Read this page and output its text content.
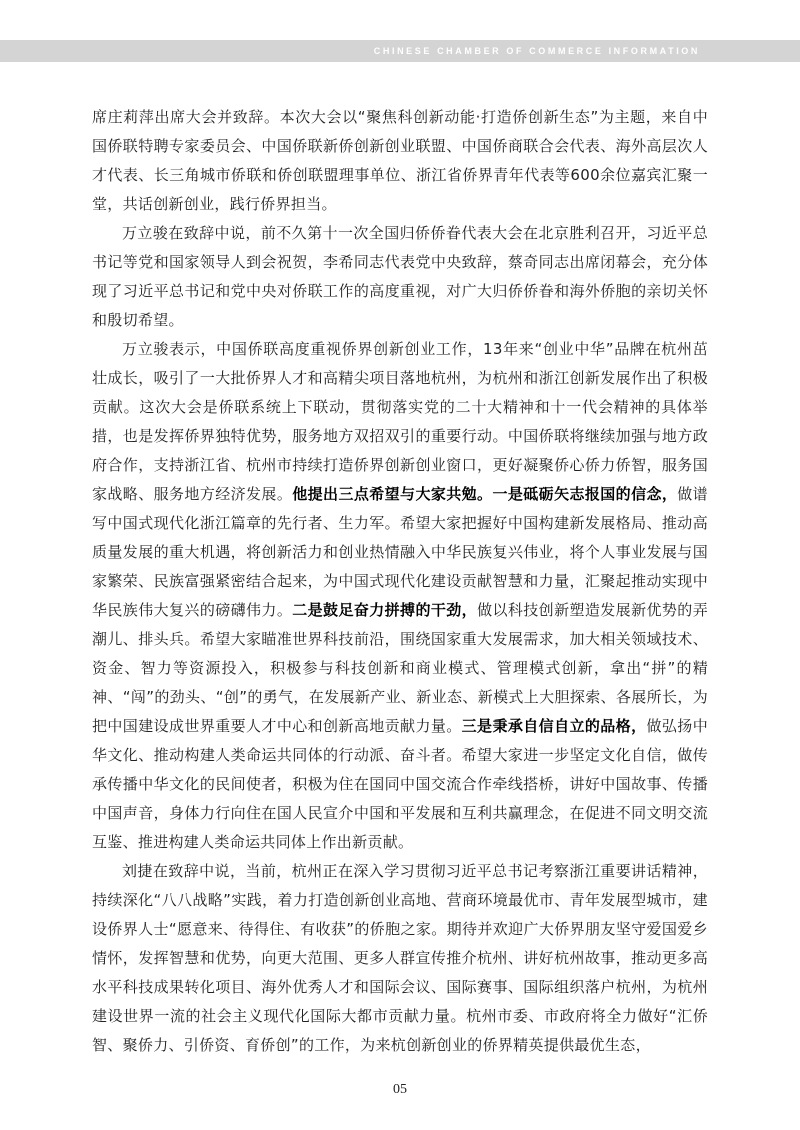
CHINESE CHAMBER OF COMMERCE INFORMATION

席庄莉萍出席大会并致辞。本次大会以“聚焦科创新动能·打造侨创新生态”为主题，来自中国侨联特聘专家委员会、中国侨联新侨创新创业联盟、中国侨商联合会代表、海外高层次人才代表、长三角城市侨联和侨创联盟理事单位、浙江省侨界青年代表等600余位嘉宾汇聚一堂，共话创新创业，践行侨界担当。

万立骏在致辞中说，前不久第十一次全国归侨侨眷代表大会在北京胜利召开，习近平总书记等党和国家领导人到会祝贺，李希同志代表党中央致辞，蔡奇同志出席闭幕会，充分体现了习近平总书记和党中央对侨联工作的高度重视，对广大归侨侨眷和海外侨胞的亲切关怀和殷切希望。

万立骏表示，中国侨联高度重视侨界创新创业工作，13年来“创业中华”品牌在杭州茁壮成长，吸引了一大批侨界人才和高精尖项目落地杭州，为杭州和浙江创新发展作出了积极贡献。这次大会是侨联系统上下联动，贯彻落实党的二十大精神和十一代会精神的具体举措，也是发挥侨界独特优势，服务地方双招双引的重要行动。中国侨联将继续加强与地方政府合作，支持浙江省、杭州市持续打造侨界创新创业窗口，更好凝聚侨心侨力侨智，服务国家战略、服务地方经济发展。他提出三点希望与大家共勉。一是砥砺矢志报国的信念，做谱写中国式现代化浙江篇章的先行者、生力军。希望大家把握好中国构建新发展格局、推动高质量发展的重大机遇，将创新活力和创业热情融入中华民族复兴伟业，将个人事业发展与国家繁荣、民族富强紧密结合起来，为中国式现代化建设贡献智慧和力量，汇聚起推动实现中华民族伟大复兴的磅礴伟力。二是鼓足奋力拼搏的干劲，做以科技创新塑造发展新优势的弄潮儿、排头兵。希望大家瞄准世界科技前沿，围绕国家重大发展需求，加大相关领域技术、资金、智力等资源投入，积极参与科技创新和商业模式、管理模式创新，拿出“拼”的精神、“闯”的劲头、“创”的勇气，在发展新产业、新业态、新模式上大胆探索、各展所长，为把中国建设成世界重要人才中心和创新高地贡献力量。三是秉承自信自立的品格，做弘扬中华文化、推动构建人类命运共同体的行动派、奋斗者。希望大家进一步坚定文化自信，做传承传播中华文化的民间使者，积极为住在国同中国交流合作牵线搭桥，讲好中国故事、传播中国声音，身体力行向住在国人民宣介中国和平发展和互利共赢理念，在促进不同文明交流互鉴、推进构建人类命运共同体上作出新贡献。

刘捷在致辞中说，当前，杭州正在深入学习贯彻习近平总书记考察浙江重要讲话精神，持续深化“八八战略”实践，着力打造创新创业高地、营商环境最优市、青年发展型城市，建设侨界人士“愿意来、待得住、有收获”的侨胞之家。期待并欢迎广大侨界朋友坚守爱国爱乡情怀，发挥智慧和优势，向更大范围、更多人群宣传推介杭州、讲好杭州故事，推动更多高水平科技成果转化项目、海外优秀人才和国际会议、国际赛事、国际组织落户杭州，为杭州建设世界一流的社会主义现代化国际大都市贡献力量。杭州市委、市政府将全力做好“汇侨智、聚侨力、引侨资、育侨创”的工作，为来杭创新创业的侨界精英提供最优生态，

05
